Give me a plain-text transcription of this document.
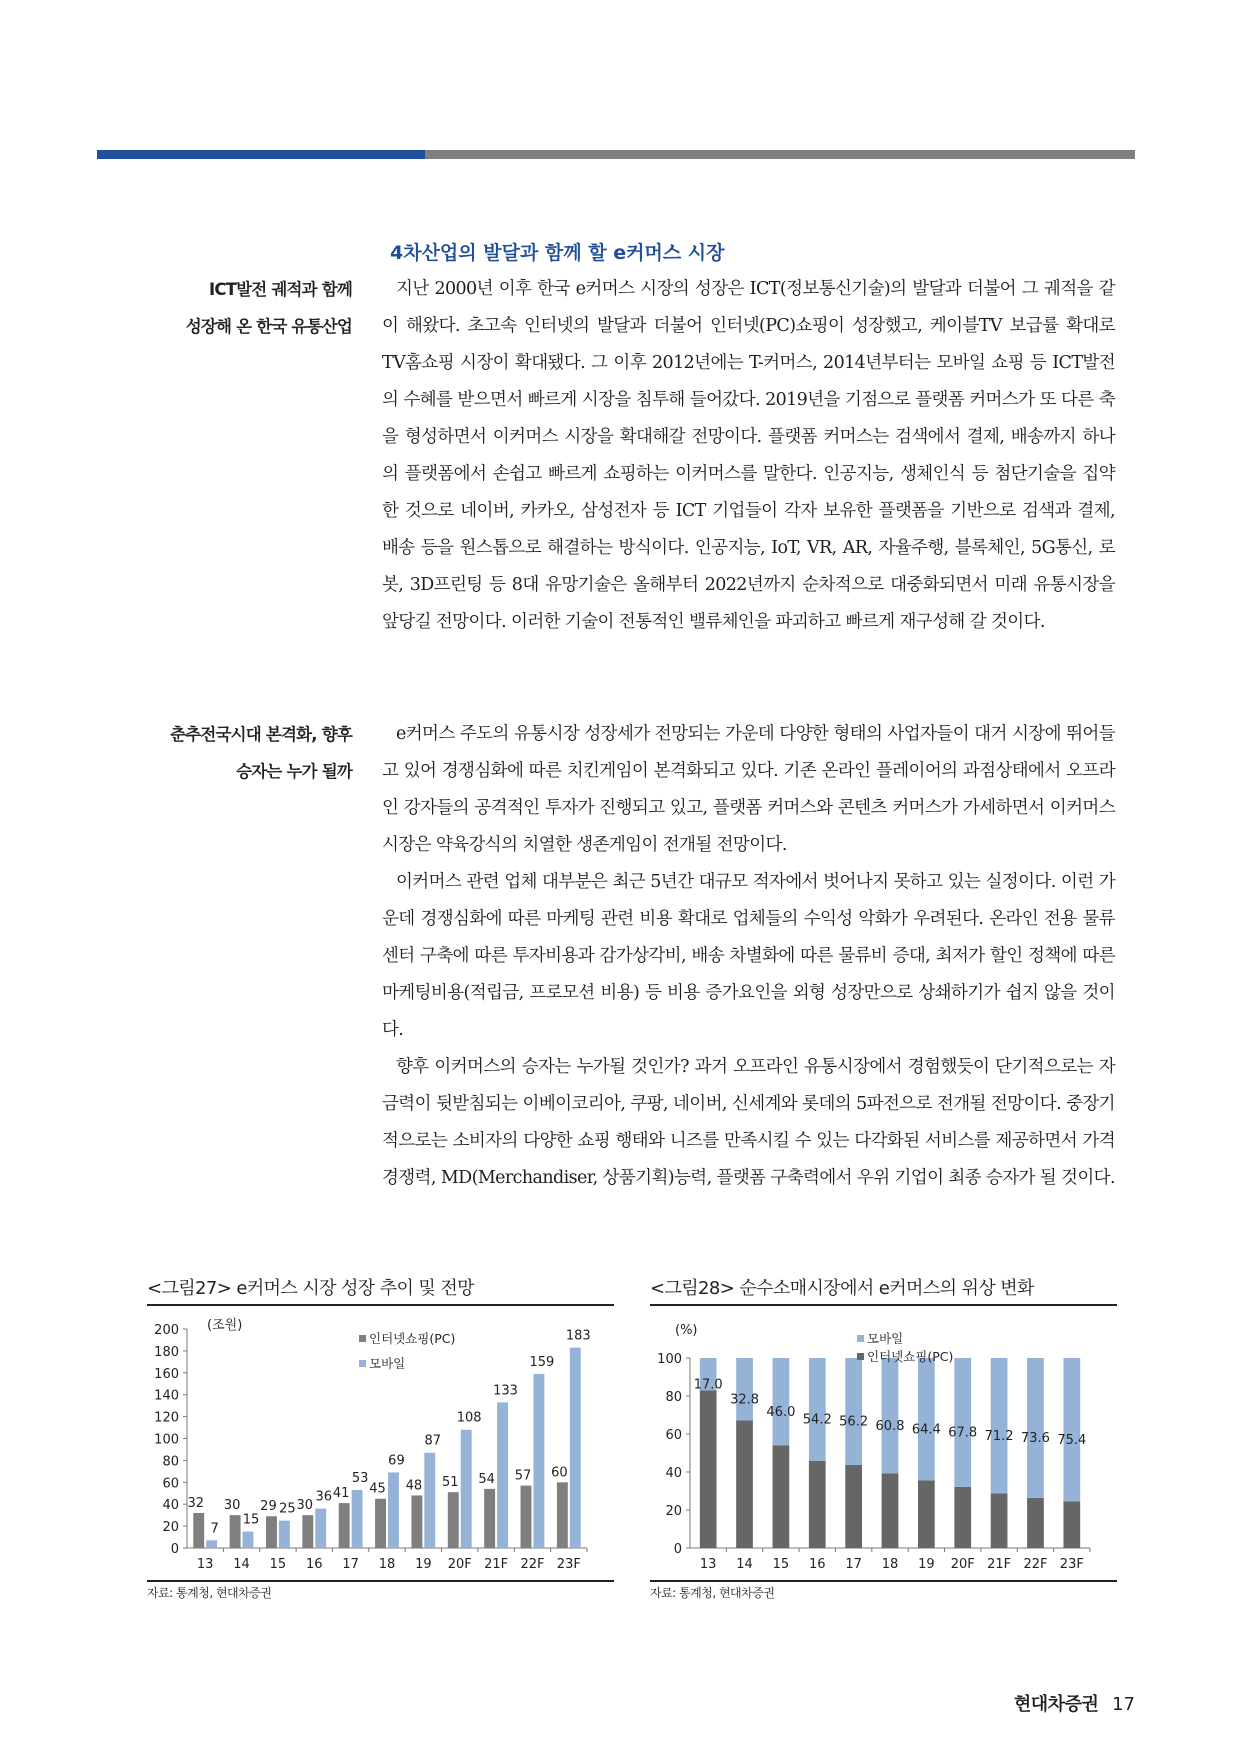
4차산업의 발달과 함께 할 e커머스 시장
ICT발전 궤적과 함께
성장해 온 한국 유통산업

지난 2000년 이후 한국 e커머스 시장의 성장은 ICT(정보통신기술)의 발달과 더불어 그 궤적을 같이 해왔다. 초고속 인터넷의 발달과 더불어 인터넷(PC)쇼핑이 성장했고, 케이블TV 보급률 확대로 TV홈쇼핑 시장이 확대됐다. 그 이후 2012년에는 T-커머스, 2014년부터는 모바일 쇼핑 등 ICT발전의 수혜를 받으면서 빠르게 시장을 침투해 들어갔다. 2019년을 기점으로 플랫폼 커머스가 또 다른 축을 형성하면서 이커머스 시장을 확대해갈 전망이다. 플랫폼 커머스는 검색에서 결제, 배송까지 하나의 플랫폼에서 손쉽고 빠르게 쇼핑하는 이커머스를 말한다. 인공지능, 생체인식 등 첨단기술을 집약한 것으로 네이버, 카카오, 삼성전자 등 ICT 기업들이 각자 보유한 플랫폼을 기반으로 검색과 결제, 배송 등을 원스톱으로 해결하는 방식이다. 인공지능, IoT, VR, AR, 자율주행, 블록체인, 5G통신, 로봇, 3D프린팅 등 8대 유망기술은 올해부터 2022년까지 순차적으로 대중화되면서 미래 유통시장을 앞당길 전망이다. 이러한 기술이 전통적인 밸류체인을 파괴하고 빠르게 재구성해 갈 것이다.

춘추전국시대 본격화, 향후
승자는 누가 될까

e커머스 주도의 유통시장 성장세가 전망되는 가운데 다양한 형태의 사업자들이 대거 시장에 뛰어들고 있어 경쟁심화에 따른 치킨게임이 본격화되고 있다. 기존 온라인 플레이어의 과점상태에서 오프라인 강자들의 공격적인 투자가 진행되고 있고, 플랫폼 커머스와 콘텐츠 커머스가 가세하면서 이커머스 시장은 약육강식의 치열한 생존게임이 전개될 전망이다.

이커머스 관련 업체 대부분은 최근 5년간 대규모 적자에서 벗어나지 못하고 있는 실정이다. 이런 가운데 경쟁심화에 따른 마케팅 관련 비용 확대로 업체들의 수익성 악화가 우려된다. 온라인 전용 물류센터 구축에 따른 투자비용과 감가상각비, 배송 차별화에 따른 물류비 증대, 최저가 할인 정책에 따른 마케팅비용(적립금, 프로모션 비용) 등 비용 증가요인을 외형 성장만으로 상쇄하기가 쉽지 않을 것이다.

향후 이커머스의 승자는 누가될 것인가? 과거 오프라인 유통시장에서 경험했듯이 단기적으로는 자금력이 뒷받침되는 이베이코리아, 쿠팡, 네이버, 신세계와 롯데의 5파전으로 전개될 전망이다. 중장기적으로는 소비자의 다양한 쇼핑 행태와 니즈를 만족시킬 수 있는 다각화된 서비스를 제공하면서 가격 경쟁력, MD(Merchandiser, 상품기획)능력, 플랫폼 구축력에서 우위 기업이 최종 승자가 될 것이다.

<그림27> e커머스 시장 성장 추이 및 전망
0
20
40
60
80
100
120
140
160
180
200
13 14 15 16 17 18 19 20F 21F 22F 23F
(조원)
32 30 29 30
41 45 48 51 54 57 60
7
15
25
36
53
69
87
108
133
159
183
인터넷쇼핑(PC)
모바일
자료: 통계청, 현대차증권
<그림28> 순수소매시장에서 e커머스의 위상 변화
0
20
40
60
80
100
13 14 15 16 17 18 19 20F 21F 22F 23F
(%)
17.0
32.8
46.0
54.2 56.2 60.8 64.4 67.8 71.2 73.6 75.4
모바일
인터넷쇼핑(PC)
자료: 통계청, 현대차증권
현대차증권 17
